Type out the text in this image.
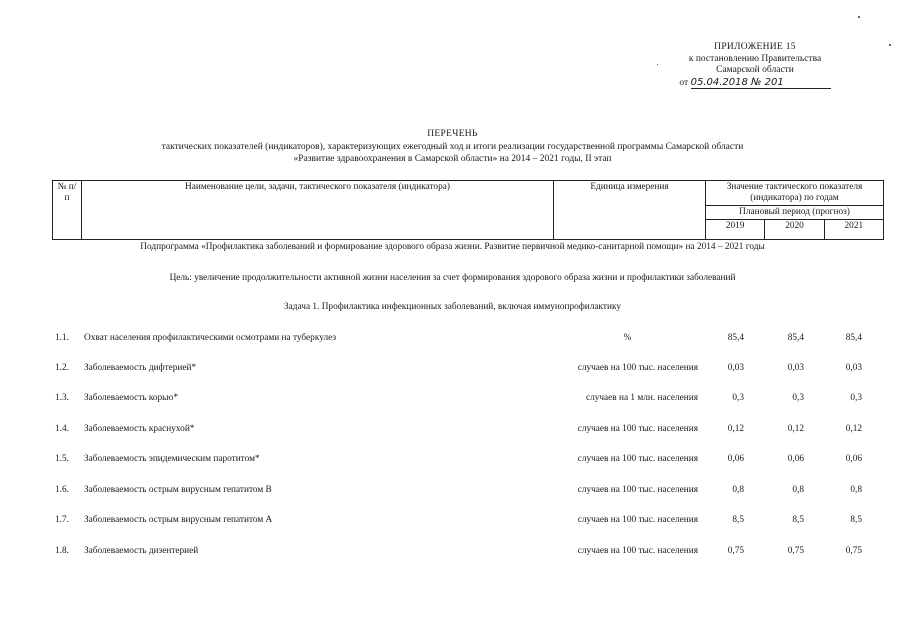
ПРИЛОЖЕНИЕ 15
к постановлению Правительства
Самарской области
от 05.04.2018 № 201
ПЕРЕЧЕНЬ
тактических показателей (индикаторов), характеризующих ежегодный ход и итоги реализации государственной программы Самарской области
«Развитие здравоохранения в Самарской области» на 2014 – 2021 годы, II этап
№ п/п	Наименование цели, задачи, тактического показателя (индикатора)	Единица измерения	Значение тактического показателя (индикатора) по годам		
			Плановый период (прогноз)		
			2019	2020	2021
Подпрограмма «Профилактика заболеваний и формирование здорового образа жизни. Развитие первичной медико-санитарной помощи» на 2014 – 2021 годы
Цель: увеличение продолжительности активной жизни населения за счет формирования здорового образа жизни и профилактики заболеваний
Задача 1. Профилактика инфекционных заболеваний, включая иммунопрофилактику
1.1. Охват населения профилактическими осмотрами на туберкулез	%	85,4	85,4	85,4
1.2. Заболеваемость дифтерией*	случаев на 100 тыс. населения	0,03	0,03	0,03
1.3. Заболеваемость корью*	случаев на 1 млн. населения	0,3	0,3	0,3
1.4. Заболеваемость краснухой*	случаев на 100 тыс. населения	0,12	0,12	0,12
1.5. Заболеваемость эпидемическим паротитом*	случаев на 100 тыс. населения	0,06	0,06	0,06
1.6. Заболеваемость острым вирусным гепатитом В	случаев на 100 тыс. населения	0,8	0,8	0,8
1.7. Заболеваемость острым вирусным гепатитом А	случаев на 100 тыс. населения	8,5	8,5	8,5
1.8. Заболеваемость дизентерией	случаев на 100 тыс. населения	0,75	0,75	0,75
